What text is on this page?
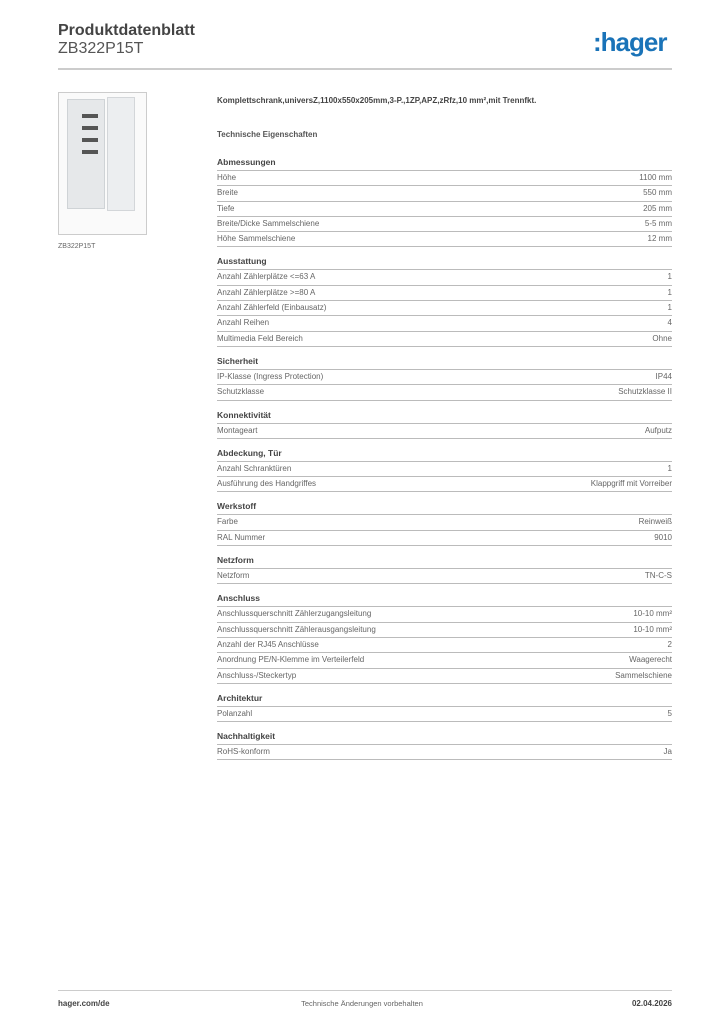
Produktdatenblatt
ZB322P15T	:hager
ZB322P15T
Komplettschrank,universZ,1100x550x205mm,3-P.,1ZP,APZ,zRfz,10 mm²,mit Trennfkt.
Technische Eigenschaften
Abmessungen
Höhe	1100 mm
Breite	550 mm
Tiefe	205 mm
Breite/Dicke Sammelschiene	5-5 mm
Höhe Sammelschiene	12 mm
Ausstattung
Anzahl Zählerplätze <=63 A	1
Anzahl Zählerplätze >=80 A	1
Anzahl Zählerfeld (Einbausatz)	1
Anzahl Reihen	4
Multimedia Feld Bereich	Ohne
Sicherheit
IP-Klasse (Ingress Protection)	IP44
Schutzklasse	Schutzklasse II
Konnektivität
Montageart	Aufputz
Abdeckung, Tür
Anzahl Schranktüren	1
Ausführung des Handgriffes	Klappgriff mit Vorreiber
Werkstoff
Farbe	Reinweiß
RAL Nummer	9010
Netzform
Netzform	TN-C-S
Anschluss
Anschlussquerschnitt Zählerzugangsleitung	10-10 mm²
Anschlussquerschnitt Zählerausgangsleitung	10-10 mm²
Anzahl der RJ45 Anschlüsse	2
Anordnung PE/N-Klemme im Verteilerfeld	Waagerecht
Anschluss-/Steckertyp	Sammelschiene
Architektur
Polanzahl	5
Nachhaltigkeit
RoHS-konform	Ja
hager.com/de	Technische Änderungen vorbehalten	02.04.2026
